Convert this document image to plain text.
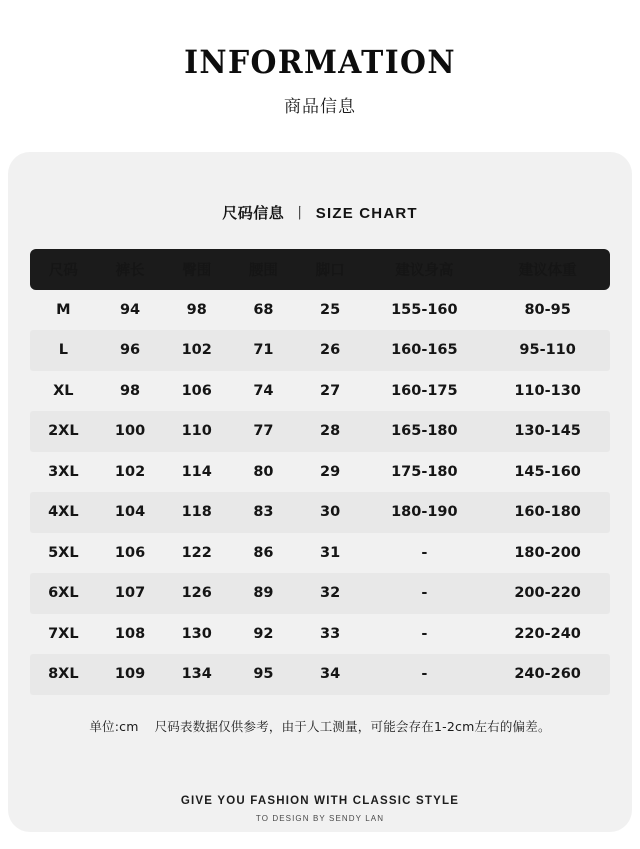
INFORMATION
商品信息
尺码信息 丨 SIZE CHART
尺码	裤长	臀围	腰围	脚口	建议身高	建议体重
M	94	98	68	25	155-160	80-95
L	96	102	71	26	160-165	95-110
XL	98	106	74	27	160-175	110-130
2XL	100	110	77	28	165-180	130-145
3XL	102	114	80	29	175-180	145-160
4XL	104	118	83	30	180-190	160-180
5XL	106	122	86	31	-	180-200
6XL	107	126	89	32	-	200-220
7XL	108	130	92	33	-	220-240
8XL	109	134	95	34	-	240-260
单位:cm 尺码表数据仅供参考，由于人工测量，可能会存在1-2cm左右的偏差。
GIVE YOU FASHION WITH CLASSIC STYLE
TO DESIGN BY SENDY LAN
